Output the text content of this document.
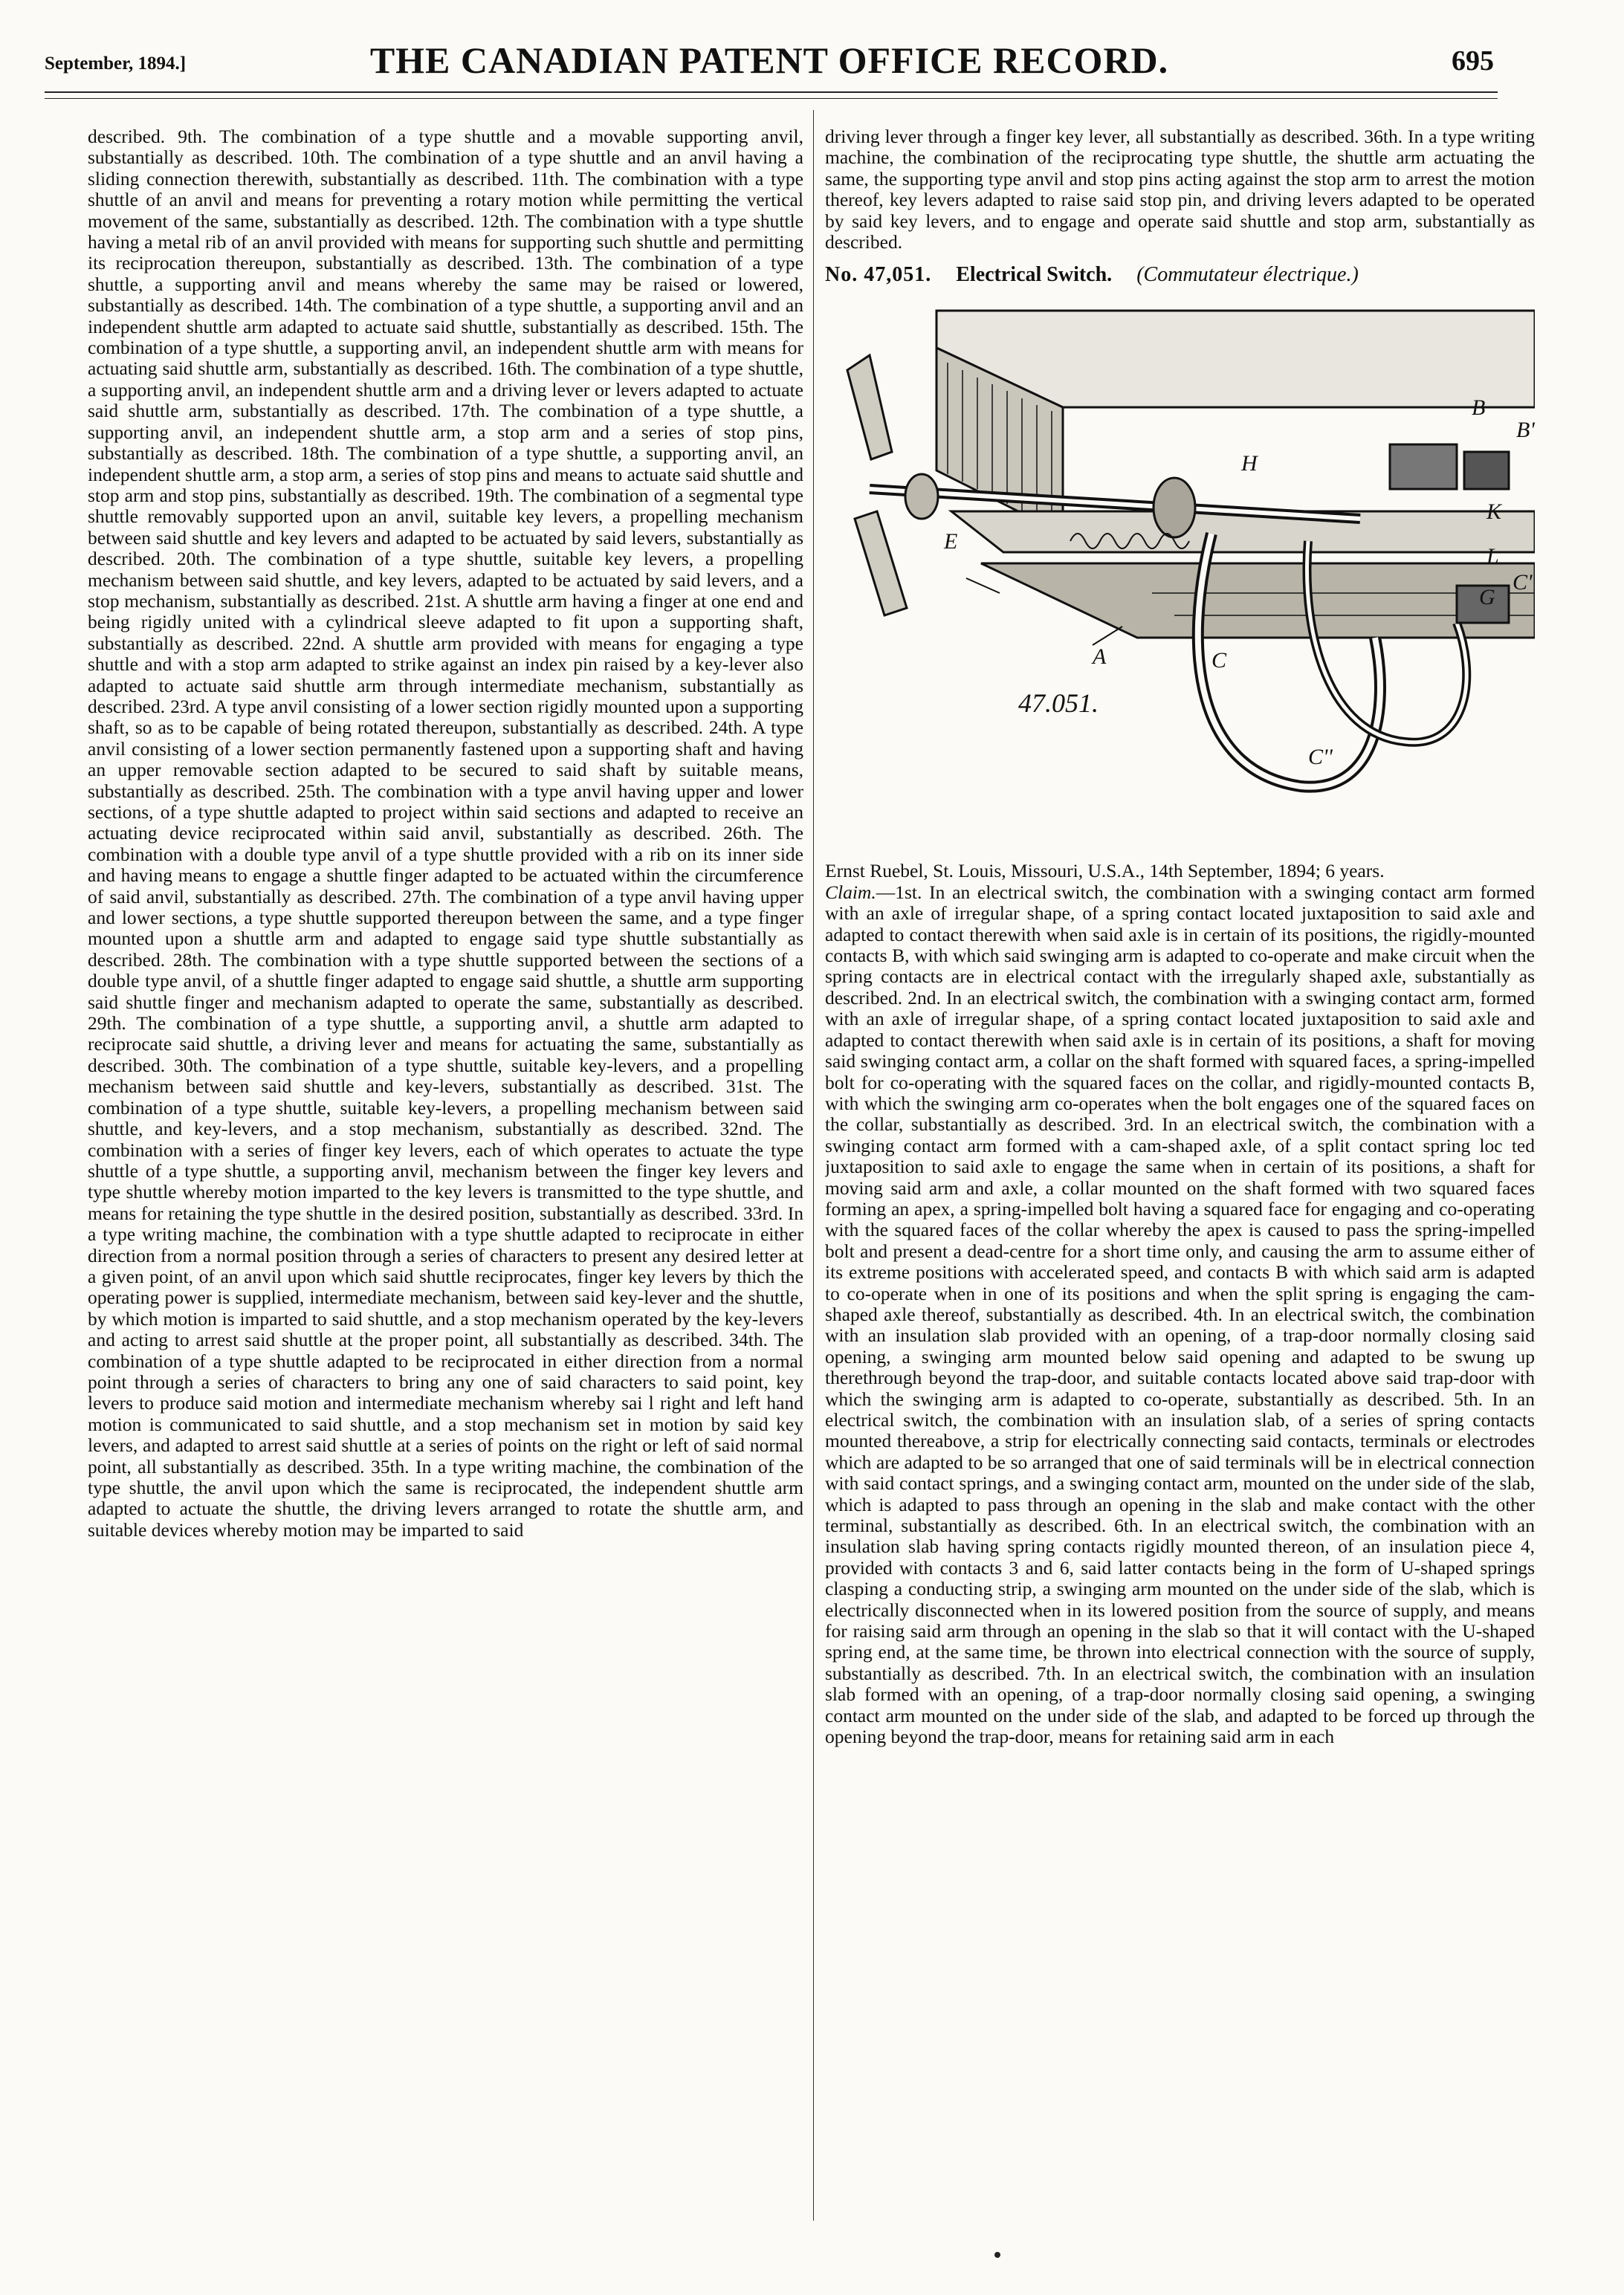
September, 1894.]	THE CANADIAN PATENT OFFICE RECORD.	695

described. 9th. The combination of a type shuttle and a movable supporting anvil, substantially as described. 10th. The combination of a type shuttle and an anvil having a sliding connection therewith, substantially as described. 11th. The combination with a type shuttle of an anvil and means for preventing a rotary motion while permitting the vertical movement of the same, substantially as described. 12th. The combination with a type shuttle having a metal rib of an anvil provided with means for supporting such shuttle and permitting its reciprocation thereupon, substantially as described. 13th. The combination of a type shuttle, a supporting anvil and means whereby the same may be raised or lowered, substantially as described. 14th. The combination of a type shuttle, a supporting anvil and an independent shuttle arm adapted to actuate said shuttle, substantially as described. 15th. The combination of a type shuttle, a supporting anvil, an independent shuttle arm with means for actuating said shuttle arm, substantially as described. 16th. The combination of a type shuttle, a supporting anvil, an independent shuttle arm and a driving lever or levers adapted to actuate said shuttle arm, substantially as described. 17th. The combination of a type shuttle, a supporting anvil, an independent shuttle arm, a stop arm and a series of stop pins, substantially as described. 18th. The combination of a type shuttle, a supporting anvil, an independent shuttle arm, a stop arm, a series of stop pins and means to actuate said shuttle and stop arm and stop pins, substantially as described. 19th. The combination of a segmental type shuttle removably supported upon an anvil, suitable key levers, a propelling mechanism between said shuttle and key levers and adapted to be actuated by said levers, substantially as described. 20th. The combination of a type shuttle, suitable key levers, a propelling mechanism between said shuttle, and key levers, adapted to be actuated by said levers, and a stop mechanism, substantially as described. 21st. A shuttle arm having a finger at one end and being rigidly united with a cylindrical sleeve adapted to fit upon a supporting shaft, substantially as described. 22nd. A shuttle arm provided with means for engaging a type shuttle and with a stop arm adapted to strike against an index pin raised by a key-lever also adapted to actuate said shuttle arm through intermediate mechanism, substantially as described. 23rd. A type anvil consisting of a lower section rigidly mounted upon a supporting shaft, so as to be capable of being rotated thereupon, substantially as described. 24th. A type anvil consisting of a lower section permanently fastened upon a supporting shaft and having an upper removable section adapted to be secured to said shaft by suitable means, substantially as described. 25th. The combination with a type anvil having upper and lower sections, of a type shuttle adapted to project within said sections and adapted to receive an actuating device reciprocated within said anvil, substantially as described. 26th. The combination with a double type anvil of a type shuttle provided with a rib on its inner side and having means to engage a shuttle finger adapted to be actuated within the circumference of said anvil, substantially as described. 27th. The combination of a type anvil having upper and lower sections, a type shuttle supported thereupon between the same, and a type finger mounted upon a shuttle arm and adapted to engage said type shuttle substantially as described. 28th. The combination with a type shuttle supported between the sections of a double type anvil, of a shuttle finger adapted to engage said shuttle, a shuttle arm supporting said shuttle finger and mechanism adapted to operate the same, substantially as described. 29th. The combination of a type shuttle, a supporting anvil, a shuttle arm adapted to reciprocate said shuttle, a driving lever and means for actuating the same, substantially as described. 30th. The combination of a type shuttle, suitable key-levers, and a propelling mechanism between said shuttle and key-levers, substantially as described. 31st. The combination of a type shuttle, suitable key-levers, a propelling mechanism between said shuttle, and key-levers, and a stop mechanism, substantially as described. 32nd. The combination with a series of finger key levers, each of which operates to actuate the type shuttle of a type shuttle, a supporting anvil, mechanism between the finger key levers and type shuttle whereby motion imparted to the key levers is transmitted to the type shuttle, and means for retaining the type shuttle in the desired position, substantially as described. 33rd. In a type writing machine, the combination with a type shuttle adapted to reciprocate in either direction from a normal position through a series of characters to present any desired letter at a given point, of an anvil upon which said shuttle reciprocates, finger key levers by thich the operating power is supplied, intermediate mechanism, between said key-lever and the shuttle, by which motion is imparted to said shuttle, and a stop mechanism operated by the key-levers and acting to arrest said shuttle at the proper point, all substantially as described. 34th. The combination of a type shuttle adapted to be reciprocated in either direction from a normal point through a series of characters to bring any one of said characters to said point, key levers to produce said motion and intermediate mechanism whereby sai l right and left hand motion is communicated to said shuttle, and a stop mechanism set in motion by said key levers, and adapted to arrest said shuttle at a series of points on the right or left of said normal point, all substantially as described. 35th. In a type writing machine, the combination of the type shuttle, the anvil upon which the same is reciprocated, the independent shuttle arm adapted to actuate the shuttle, the driving levers arranged to rotate the shuttle arm, and suitable devices whereby motion may be imparted to said

driving lever through a finger key lever, all substantially as described. 36th. In a type writing machine, the combination of the reciprocating type shuttle, the shuttle arm actuating the same, the supporting type anvil and stop pins acting against the stop arm to arrest the motion thereof, key levers adapted to raise said stop pin, and driving levers adapted to be operated by said key levers, and to engage and operate said shuttle and stop arm, substantially as described.

No. 47,051. Electrical Switch. (Commutateur électrique.)
B
B'
H
K
L
C'
G
E
A	C
C''
47.051.

Ernst Ruebel, St. Louis, Missouri, U.S.A., 14th September, 1894; 6 years.

Claim.—1st. In an electrical switch, the combination with a swinging contact arm formed with an axle of irregular shape, of a spring contact located juxtaposition to said axle and adapted to contact therewith when said axle is in certain of its positions, the rigidly-mounted contacts B, with which said swinging arm is adapted to co-operate and make circuit when the spring contacts are in electrical contact with the irregularly shaped axle, substantially as described. 2nd. In an electrical switch, the combination with a swinging contact arm, formed with an axle of irregular shape, of a spring contact located juxtaposition to said axle and adapted to contact therewith when said axle is in certain of its positions, a shaft for moving said swinging contact arm, a collar on the shaft formed with squared faces, a spring-impelled bolt for co-operating with the squared faces on the collar, and rigidly-mounted contacts B, with which the swinging arm co-operates when the bolt engages one of the squared faces on the collar, substantially as described. 3rd. In an electrical switch, the combination with a swinging contact arm formed with a cam-shaped axle, of a split contact spring loc ted juxtaposition to said axle to engage the same when in certain of its positions, a shaft for moving said arm and axle, a collar mounted on the shaft formed with two squared faces forming an apex, a spring-impelled bolt having a squared face for engaging and co-operating with the squared faces of the collar whereby the apex is caused to pass the spring-impelled bolt and present a dead-centre for a short time only, and causing the arm to assume either of its extreme positions with accelerated speed, and contacts B with which said arm is adapted to co-operate when in one of its positions and when the split spring is engaging the cam-shaped axle thereof, substantially as described. 4th. In an electrical switch, the combination with an insulation slab provided with an opening, of a trap-door normally closing said opening, a swinging arm mounted below said opening and adapted to be swung up therethrough beyond the trap-door, and suitable contacts located above said trap-door with which the swinging arm is adapted to co-operate, substantially as described. 5th. In an electrical switch, the combination with an insulation slab, of a series of spring contacts mounted thereabove, a strip for electrically connecting said contacts, terminals or electrodes which are adapted to be so arranged that one of said terminals will be in electrical connection with said contact springs, and a swinging contact arm, mounted on the under side of the slab, which is adapted to pass through an opening in the slab and make contact with the other terminal, substantially as described. 6th. In an electrical switch, the combination with an insulation slab having spring contacts rigidly mounted thereon, of an insulation piece 4, provided with contacts 3 and 6, said latter contacts being in the form of U-shaped springs clasping a conducting strip, a swinging arm mounted on the under side of the slab, which is electrically disconnected when in its lowered position from the source of supply, and means for raising said arm through an opening in the slab so that it will contact with the U-shaped spring end, at the same time, be thrown into electrical connection with the source of supply, substantially as described. 7th. In an electrical switch, the combination with an insulation slab formed with an opening, of a trap-door normally closing said opening, a swinging contact arm mounted on the under side of the slab, and adapted to be forced up through the opening beyond the trap-door, means for retaining said arm in each
